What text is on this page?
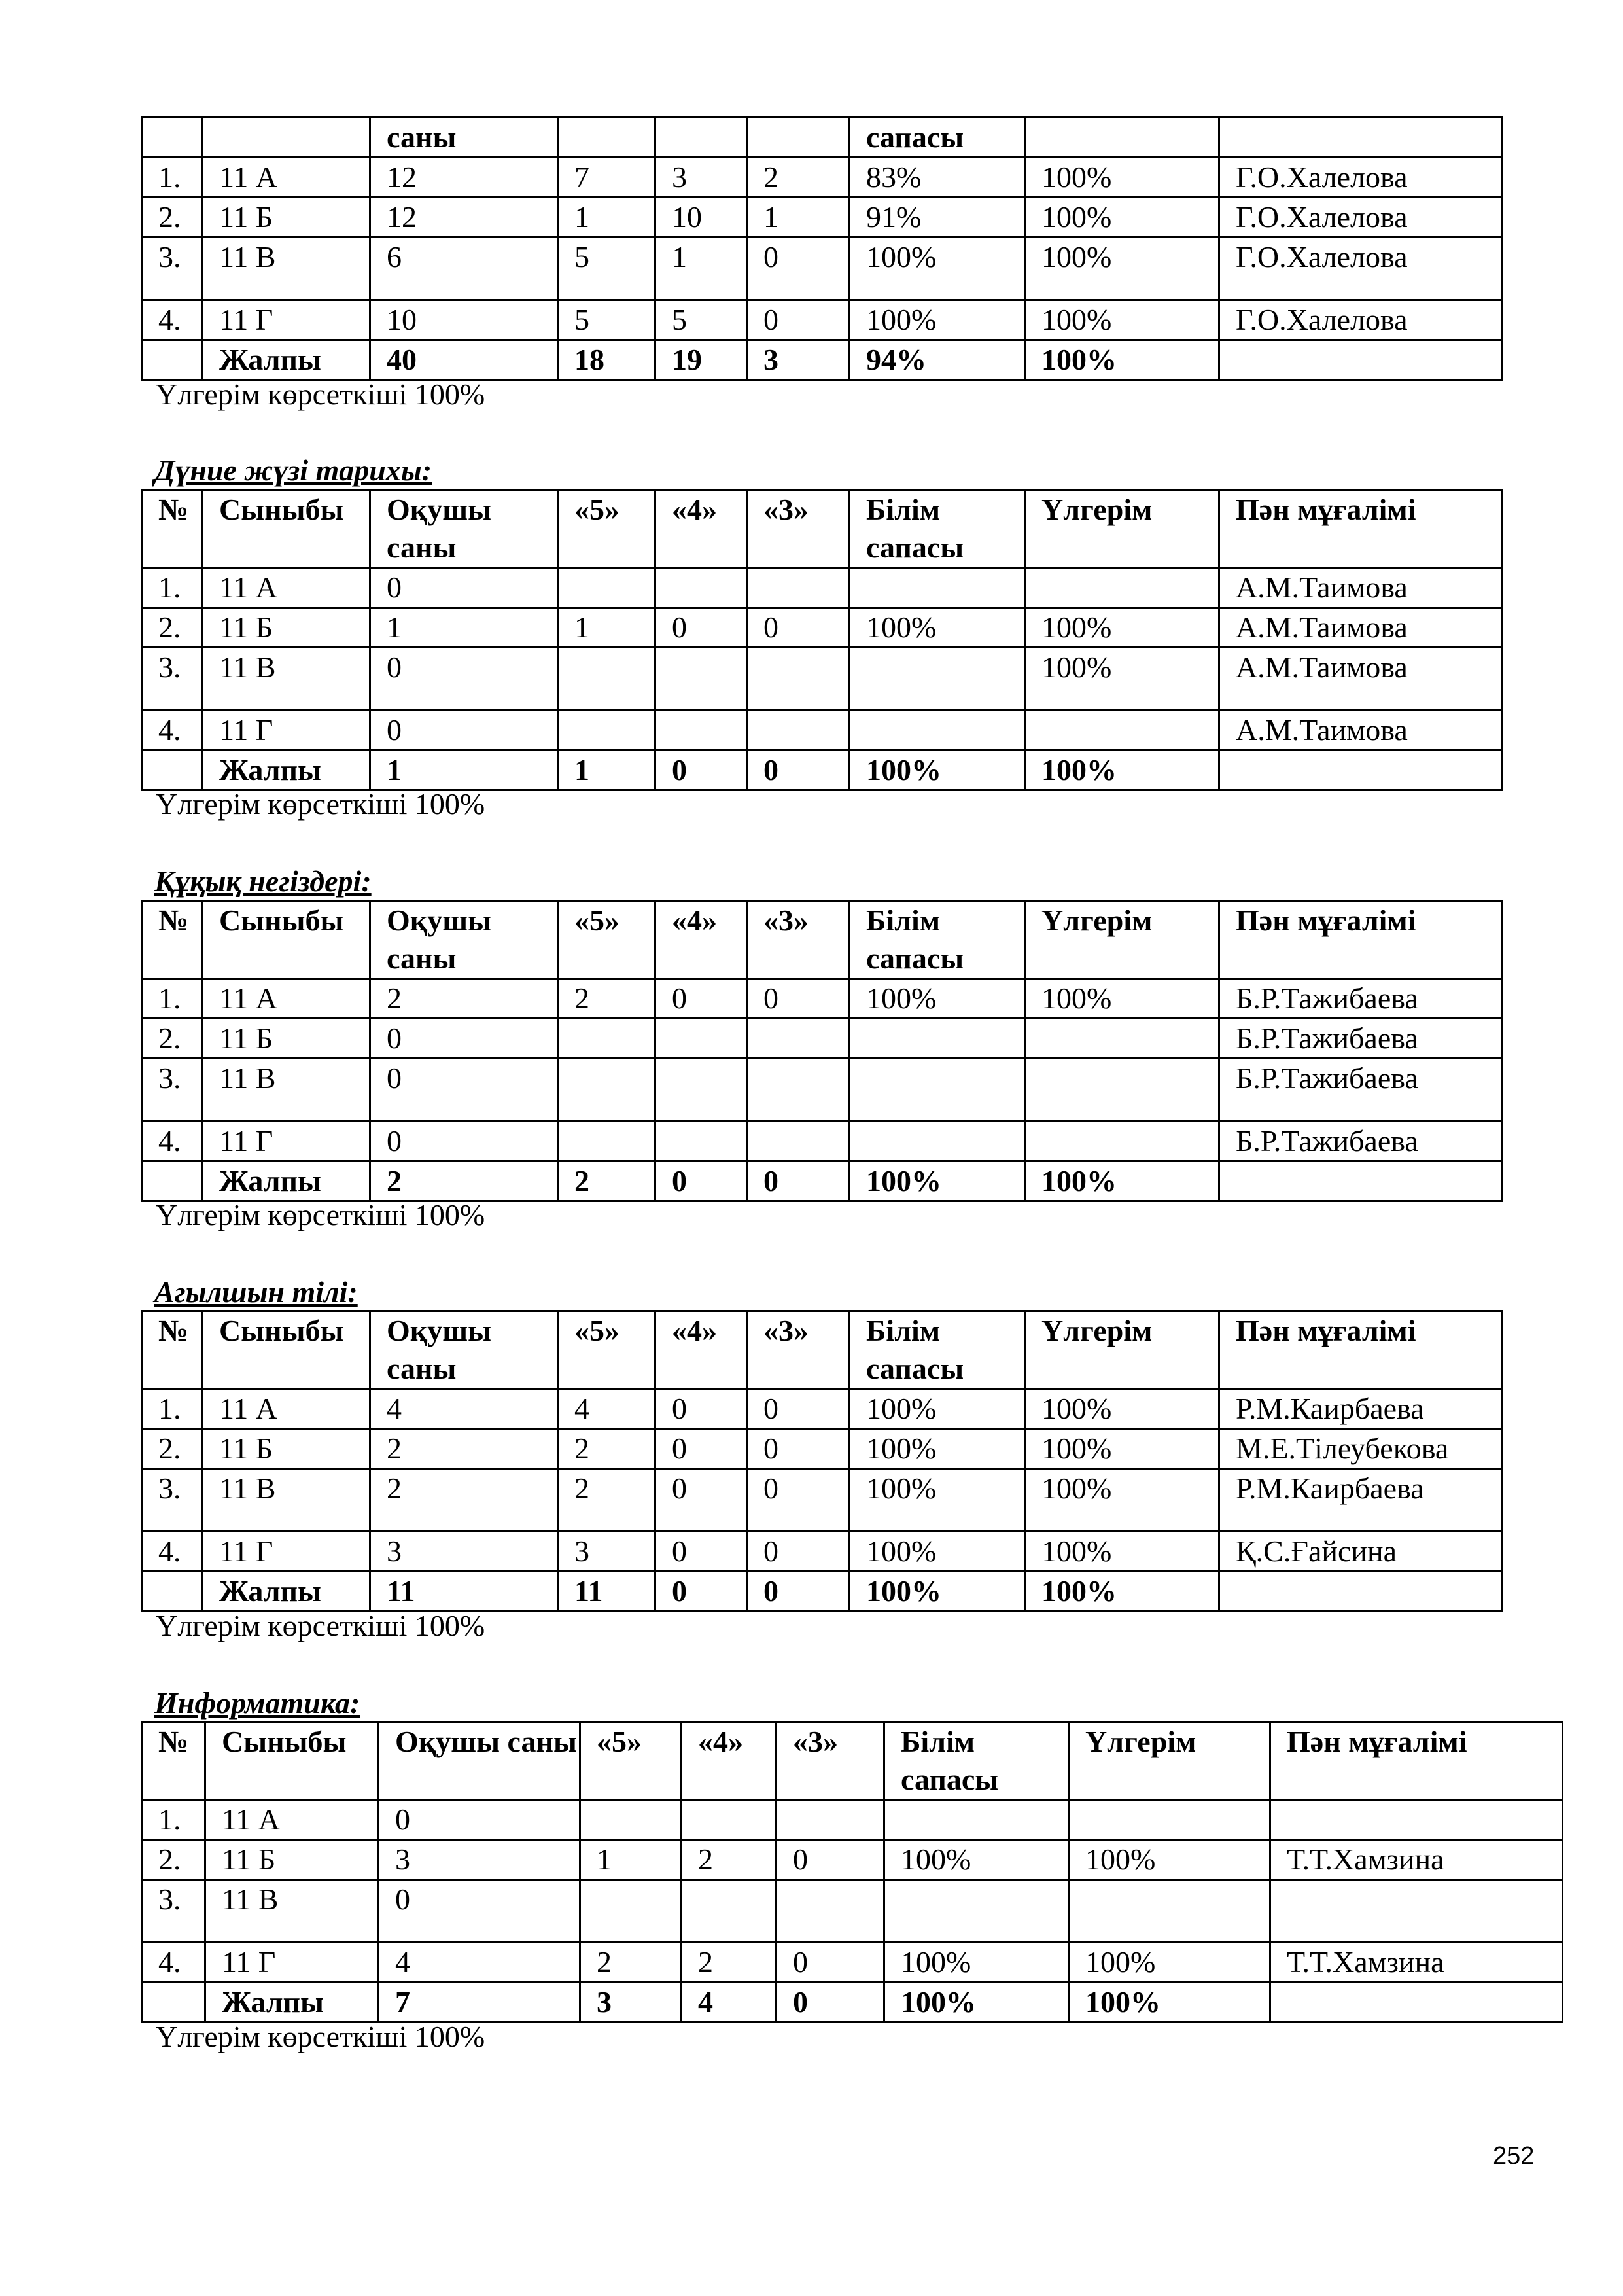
		саны				сапасы		
1.	11 А	12	7	3	2	83%	100%	Г.О.Халелова
2.	11 Б	12	1	10	1	91%	100%	Г.О.Халелова
3.	11 В	6	5	1	0	100%	100%	Г.О.Халелова
4.	11 Г	10	5	5	0	100%	100%	Г.О.Халелова
	Жалпы	40	18	19	3	94%	100%	
Үлгерім көрсеткіші 100%
Дүние жүзі тарихы:
№	Сыныбы	Оқушы саны	«5»	«4»	«3»	Білім сапасы	Үлгерім	Пән мұғалімі
1.	11 А	0						А.М.Таимова
2.	11 Б	1	1	0	0	100%	100%	А.М.Таимова
3.	11 В	0					100%	А.М.Таимова
4.	11 Г	0						А.М.Таимова
	Жалпы	1	1	0	0	100%	100%	
Үлгерім көрсеткіші 100%
Құқық негіздері:
№	Сыныбы	Оқушы саны	«5»	«4»	«3»	Білім сапасы	Үлгерім	Пән мұғалімі
1.	11 А	2	2	0	0	100%	100%	Б.Р.Тажибаева
2.	11 Б	0						Б.Р.Тажибаева
3.	11 В	0						Б.Р.Тажибаева
4.	11 Г	0						Б.Р.Тажибаева
	Жалпы	2	2	0	0	100%	100%	
Үлгерім көрсеткіші 100%
Агылшын тілі:
№	Сыныбы	Оқушы саны	«5»	«4»	«3»	Білім сапасы	Үлгерім	Пән мұғалімі
1.	11 А	4	4	0	0	100%	100%	Р.М.Каирбаева
2.	11 Б	2	2	0	0	100%	100%	М.Е.Тілеубекова
3.	11 В	2	2	0	0	100%	100%	Р.М.Каирбаева
4.	11 Г	3	3	0	0	100%	100%	Қ.С.Ғайсина
	Жалпы	11	11	0	0	100%	100%	
Үлгерім көрсеткіші 100%
Информатика:
№	Сыныбы	Оқушы саны	«5»	«4»	«3»	Білім сапасы	Үлгерім	Пән мұғалімі
1.	11 А	0						
2.	11 Б	3	1	2	0	100%	100%	Т.Т.Хамзина
3.	11 В	0						
4.	11 Г	4	2	2	0	100%	100%	Т.Т.Хамзина
	Жалпы	7	3	4	0	100%	100%	
Үлгерім көрсеткіші 100%
252
